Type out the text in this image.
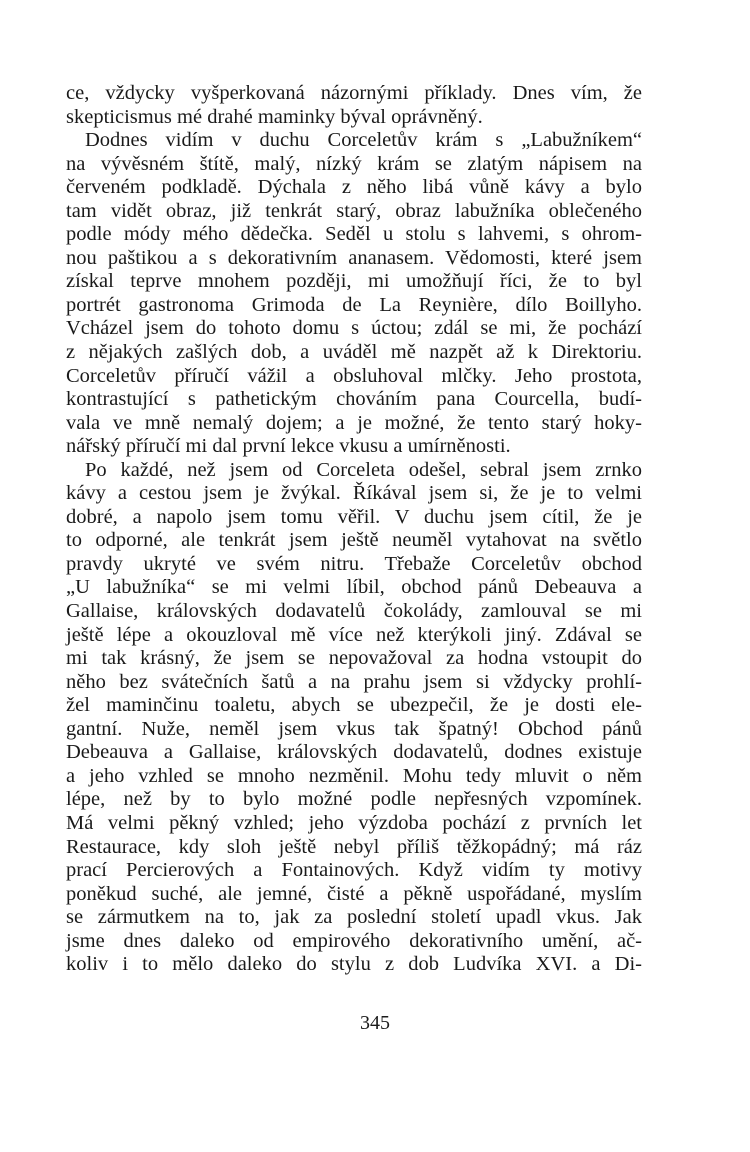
ce, vždycky vyšperkovaná názornými příklady. Dnes vím, že
skepticismus mé drahé maminky býval oprávněný.
Dodnes vidím v duchu Corceletův krám s „Labužníkem“
na vývěsném štítě, malý, nízký krám se zlatým nápisem na
červeném podkladě. Dýchala z něho libá vůně kávy a bylo
tam vidět obraz, již tenkrát starý, obraz labužníka oblečeného
podle módy mého dědečka. Seděl u stolu s lahvemi, s ohrom-
nou paštikou a s dekorativním ananasem. Vědomosti, které jsem
získal teprve mnohem později, mi umožňují říci, že to byl
portrét gastronoma Grimoda de La Reynière, dílo Boillyho.
Vcházel jsem do tohoto domu s úctou; zdál se mi, že pochází
z nějakých zašlých dob, a uváděl mě nazpět až k Direktoriu.
Corceletův příručí vážil a obsluhoval mlčky. Jeho prostota,
kontrastující s pathetickým chováním pana Courcella, budí-
vala ve mně nemalý dojem; a je možné, že tento starý hoky-
nářský příručí mi dal první lekce vkusu a umírněnosti.
Po každé, než jsem od Corceleta odešel, sebral jsem zrnko
kávy a cestou jsem je žvýkal. Říkával jsem si, že je to velmi
dobré, a napolo jsem tomu věřil. V duchu jsem cítil, že je
to odporné, ale tenkrát jsem ještě neuměl vytahovat na světlo
pravdy ukryté ve svém nitru. Třebaže Corceletův obchod
„U labužníka“ se mi velmi líbil, obchod pánů Debeauva a
Gallaise, královských dodavatelů čokolády, zamlouval se mi
ještě lépe a okouzloval mě více než kterýkoli jiný. Zdával se
mi tak krásný, že jsem se nepovažoval za hodna vstoupit do
něho bez svátečních šatů a na prahu jsem si vždycky prohlí-
žel maminčinu toaletu, abych se ubezpečil, že je dosti ele-
gantní. Nuže, neměl jsem vkus tak špatný! Obchod pánů
Debeauva a Gallaise, královských dodavatelů, dodnes existuje
a jeho vzhled se mnoho nezměnil. Mohu tedy mluvit o něm
lépe, než by to bylo možné podle nepřesných vzpomínek.
Má velmi pěkný vzhled; jeho výzdoba pochází z prvních let
Restaurace, kdy sloh ještě nebyl příliš těžkopádný; má ráz
prací Percierových a Fontainových. Když vidím ty motivy
poněkud suché, ale jemné, čisté a pěkně uspořádané, myslím
se zármutkem na to, jak za poslední století upadl vkus. Jak
jsme dnes daleko od empirového dekorativního umění, ač-
koliv i to mělo daleko do stylu z dob Ludvíka XVI. a Di-
345
